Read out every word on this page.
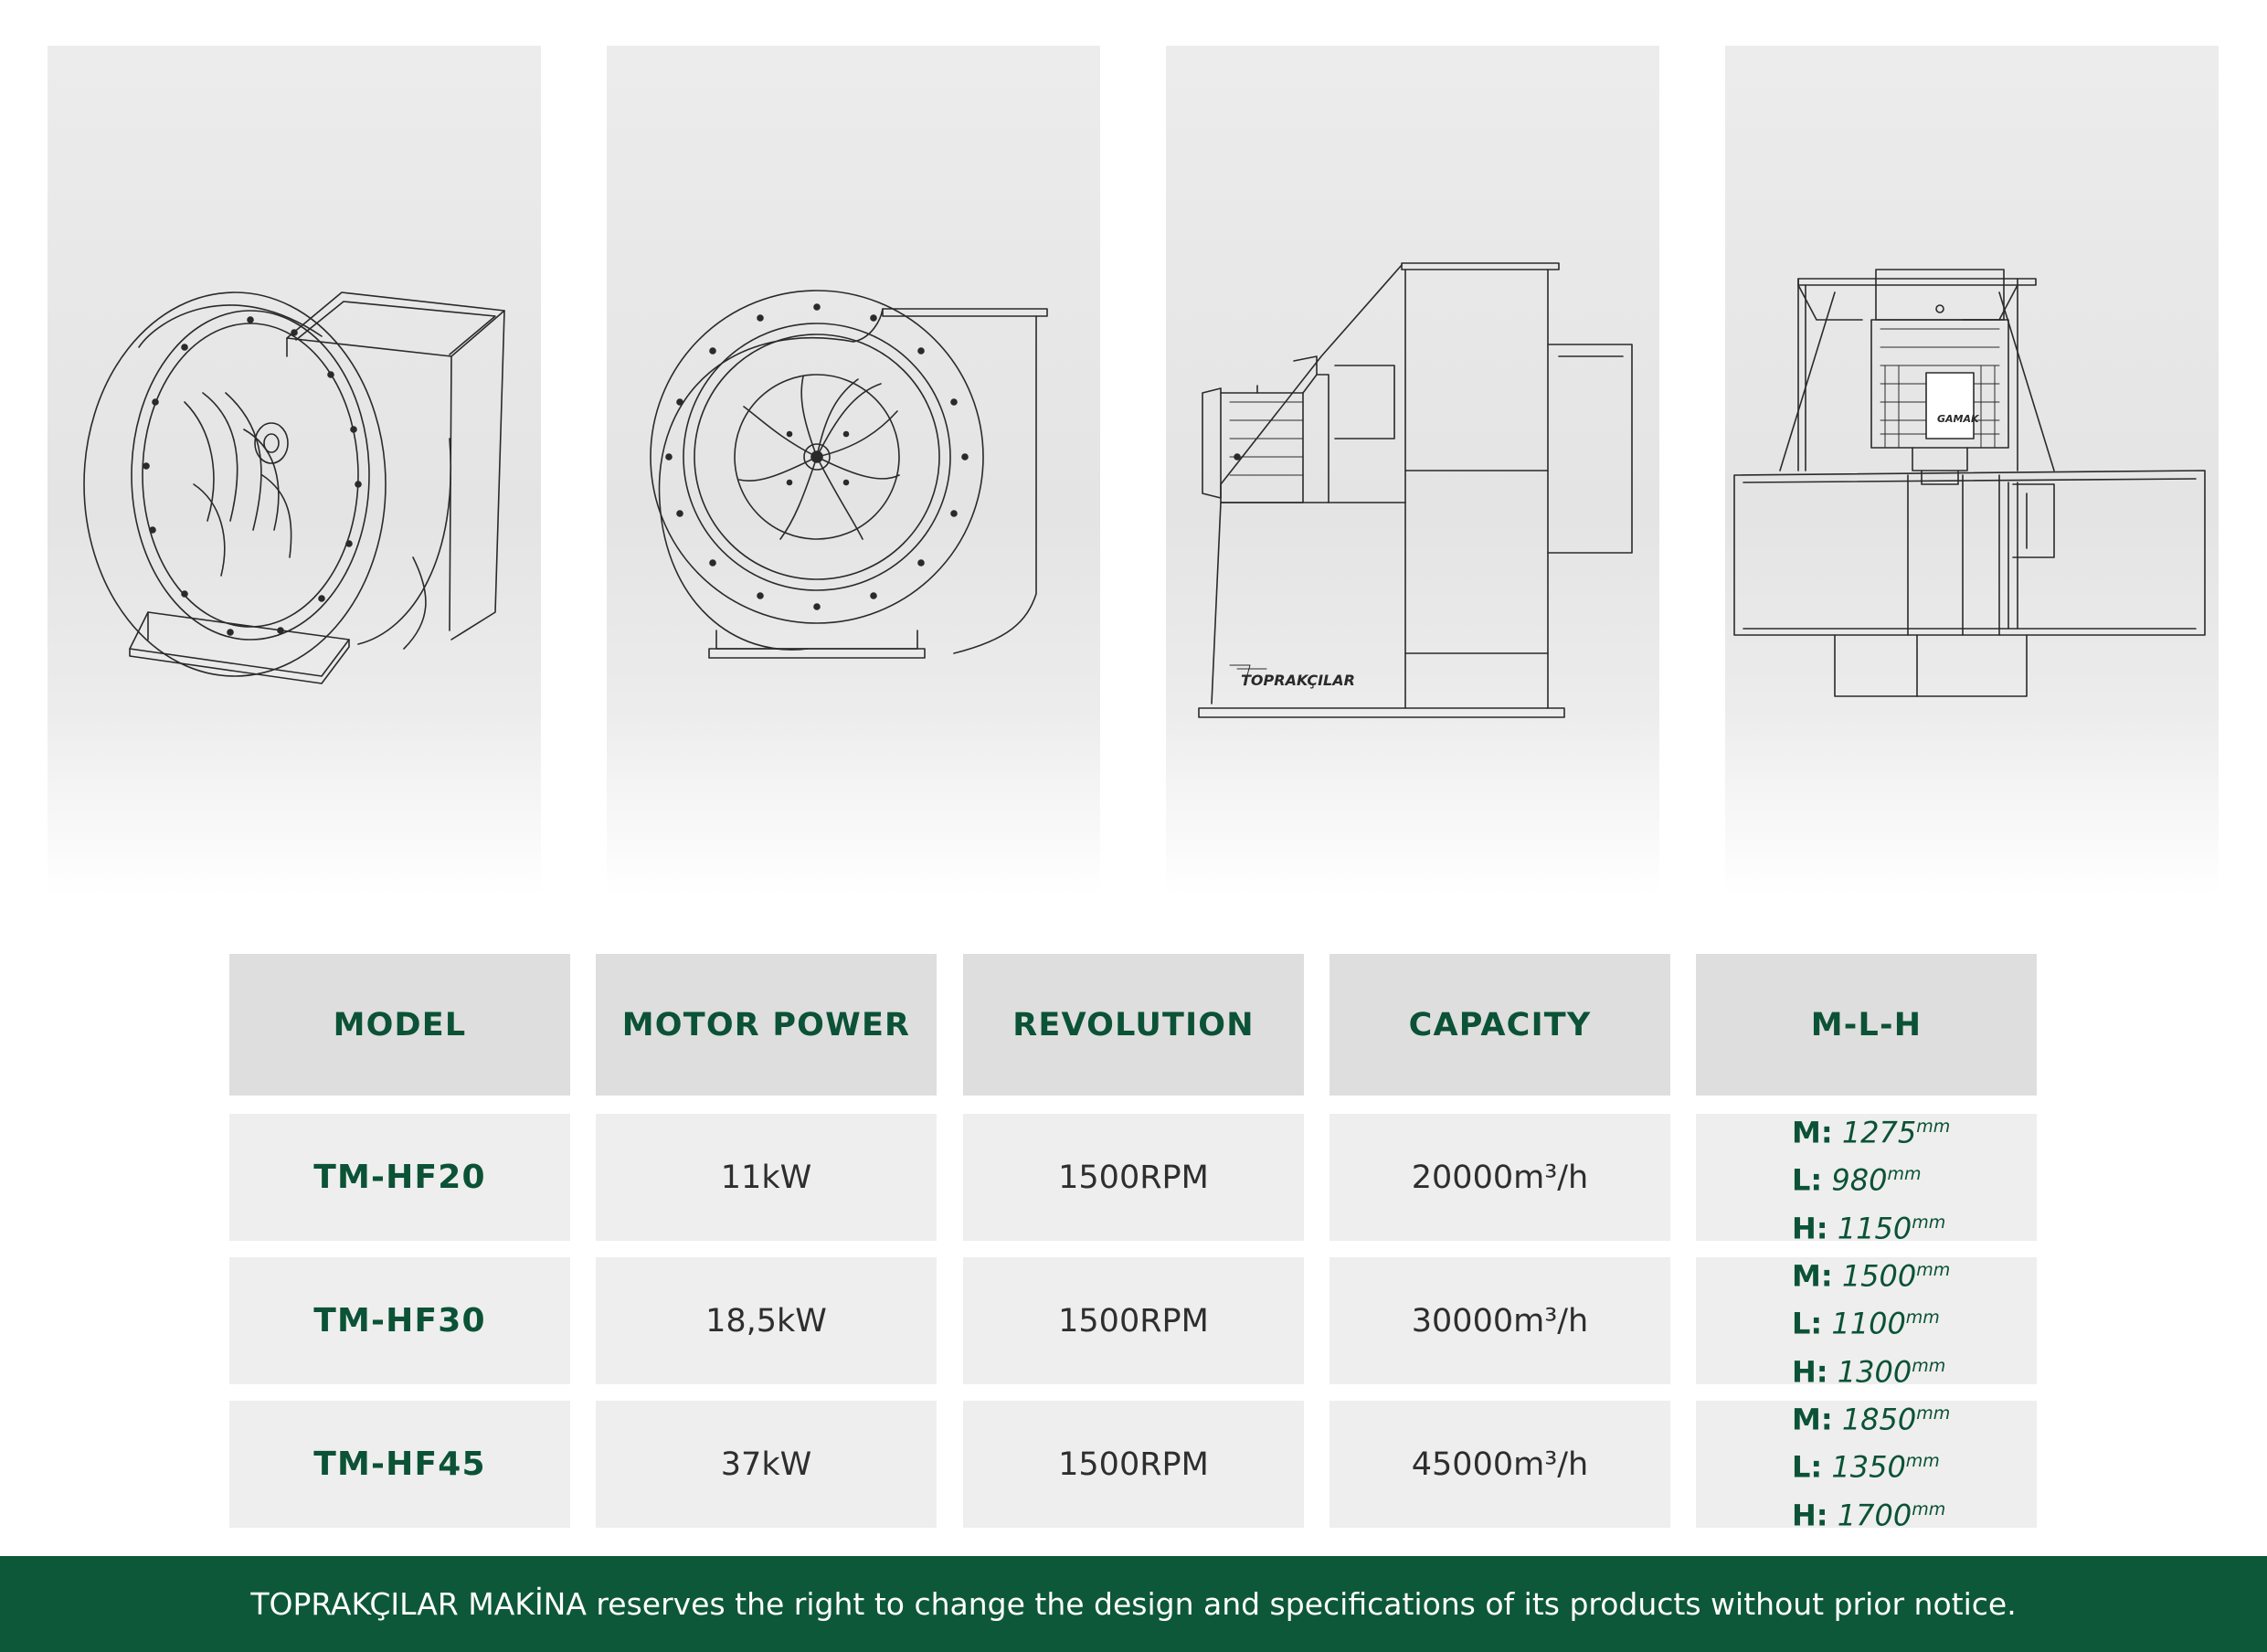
TOPRAKÇILAR
GAMAK
MODEL	MOTOR POWER	REVOLUTION	CAPACITY	M-L-H
TM-HF20	11kW	1500RPM	20000m³/h
M: $1275^{mm}$
L: $980^{mm}$
H: $1150^{mm}$
TM-HF30	18,5kW	1500RPM	30000m³/h
M: $1500^{mm}$
L: $1100^{mm}$
H: $1300^{mm}$
TM-HF45	37kW	1500RPM	45000m³/h
M: $1850^{mm}$
L: $1350^{mm}$
H: $1700^{mm}$
TOPRAKÇILAR MAKİNA reserves the right to change the design and specifications of its products without prior notice.
